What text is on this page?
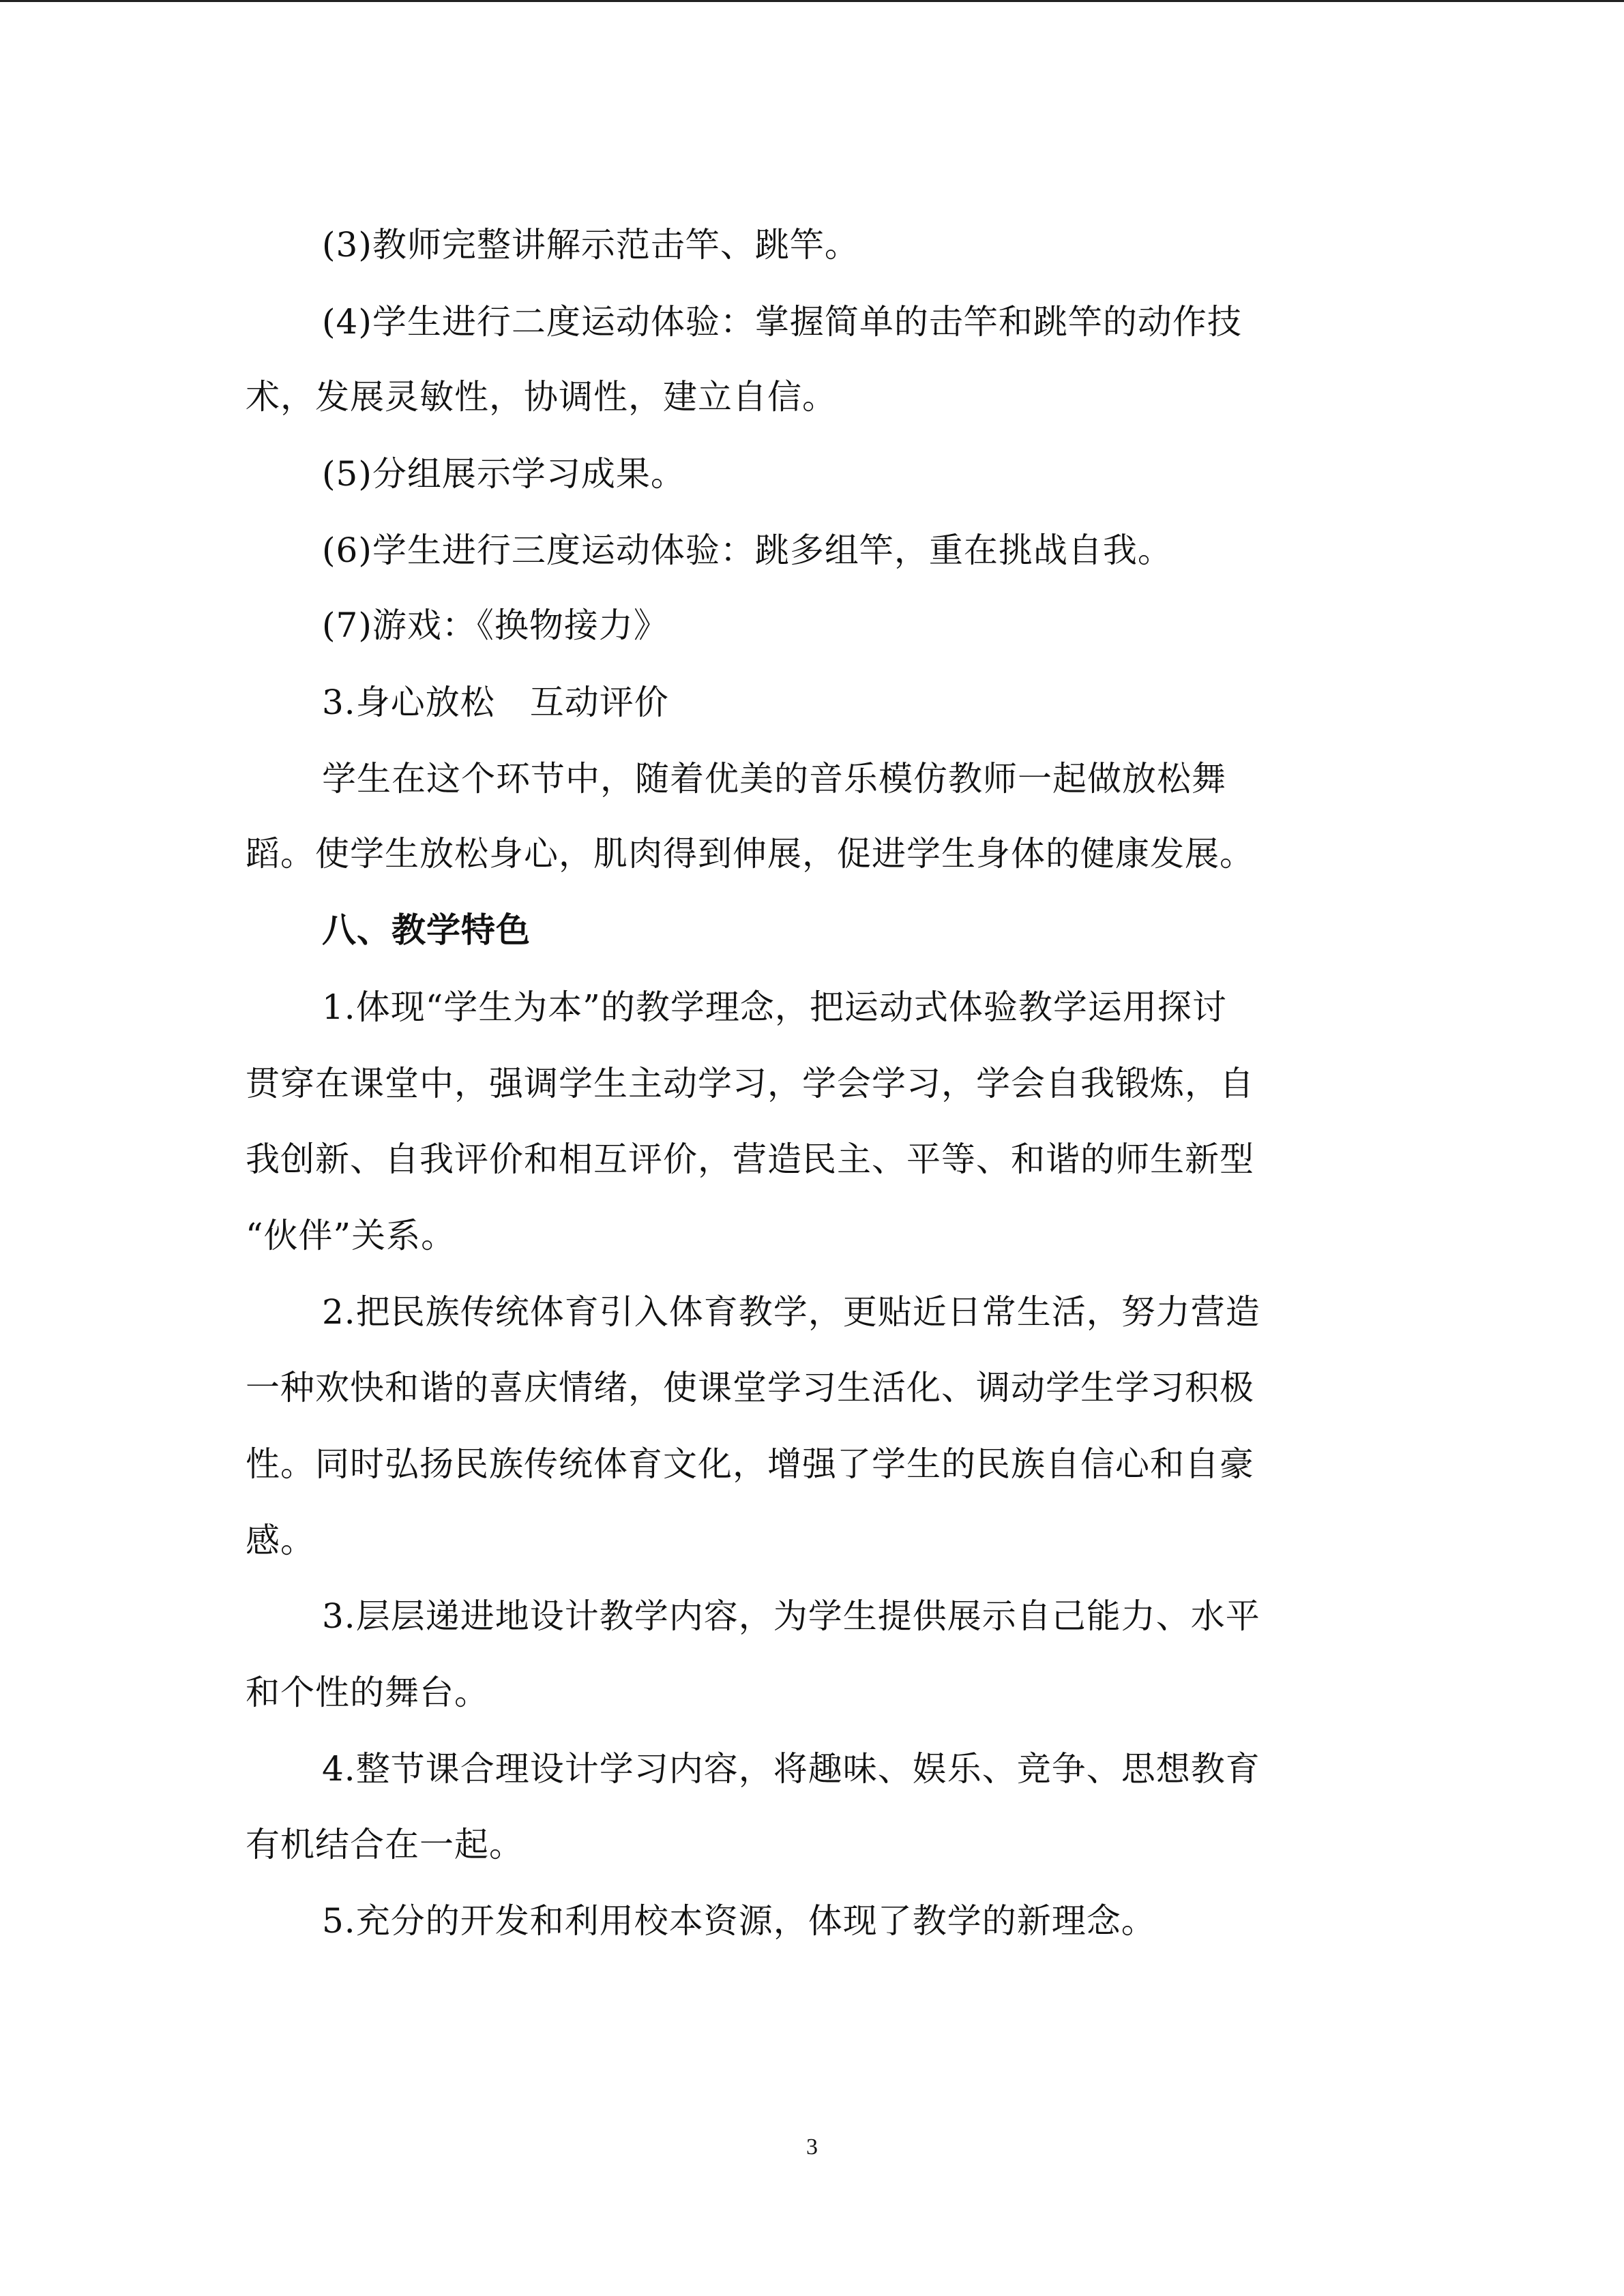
(3)教师完整讲解示范击竿、跳竿。
(4)学生进行二度运动体验：掌握简单的击竿和跳竿的动作技
术，发展灵敏性，协调性，建立自信。
(5)分组展示学习成果。
(6)学生进行三度运动体验：跳多组竿，重在挑战自我。
(7)游戏：《换物接力》
3.身心放松　互动评价
学生在这个环节中，随着优美的音乐模仿教师一起做放松舞
蹈。使学生放松身心，肌肉得到伸展，促进学生身体的健康发展。
八、教学特色
1.体现“学生为本”的教学理念，把运动式体验教学运用探讨
贯穿在课堂中，强调学生主动学习，学会学习，学会自我锻炼，自
我创新、自我评价和相互评价，营造民主、平等、和谐的师生新型
“伙伴”关系。
2.把民族传统体育引入体育教学，更贴近日常生活，努力营造
一种欢快和谐的喜庆情绪，使课堂学习生活化、调动学生学习积极
性。同时弘扬民族传统体育文化，增强了学生的民族自信心和自豪
感。
3.层层递进地设计教学内容，为学生提供展示自己能力、水平
和个性的舞台。
4.整节课合理设计学习内容，将趣味、娱乐、竞争、思想教育
有机结合在一起。
5.充分的开发和利用校本资源，体现了教学的新理念。
3
